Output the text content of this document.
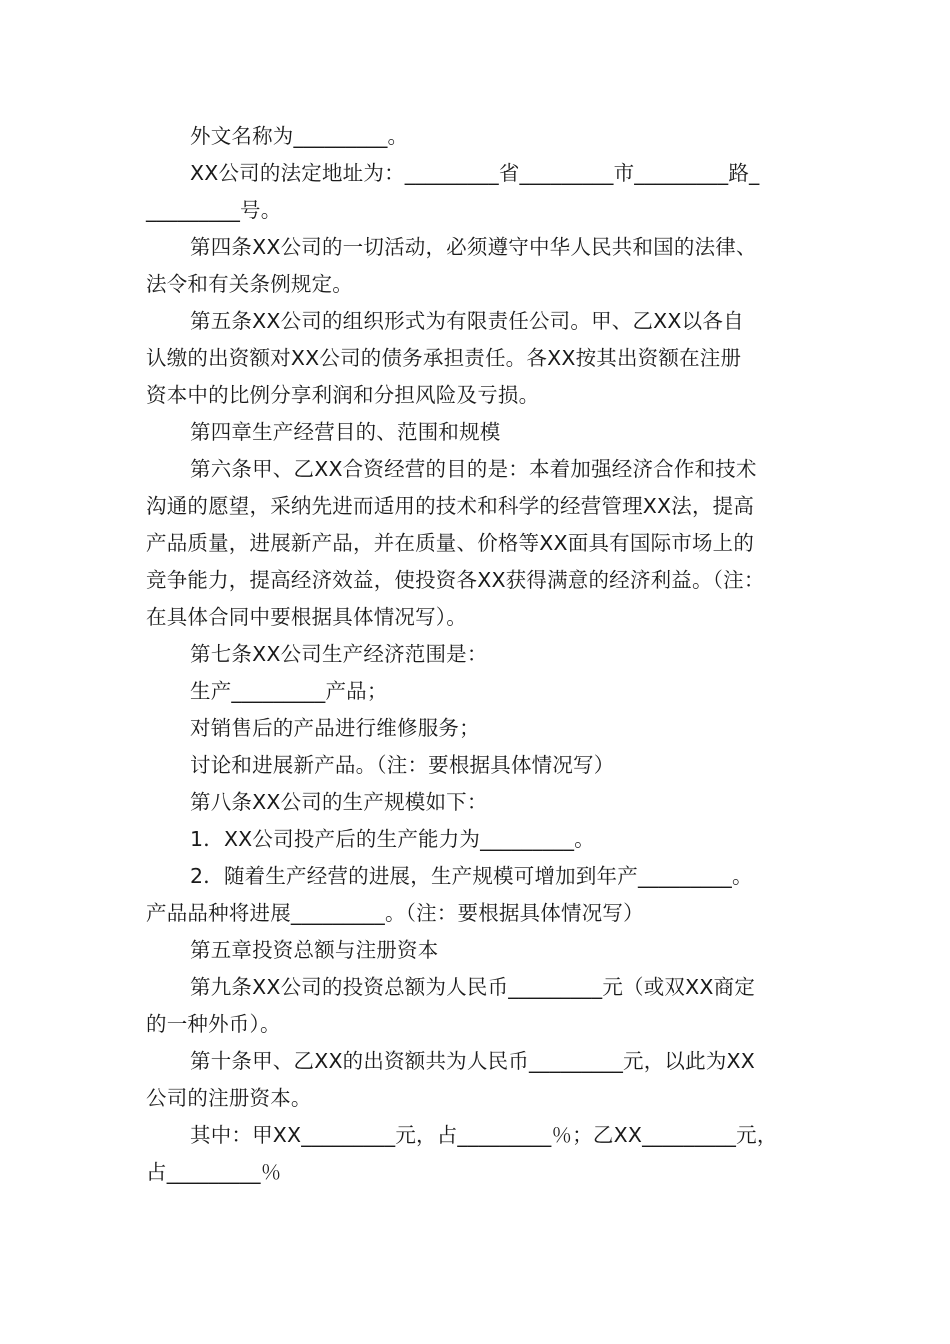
外文名称为_________。
XX公司的法定地址为：_________省_________市_________路_
_________号。
第四条XX公司的一切活动，必须遵守中华人民共和国的法律、
法令和有关条例规定。
第五条XX公司的组织形式为有限责任公司。甲、乙XX以各自
认缴的出资额对XX公司的债务承担责任。各XX按其出资额在注册
资本中的比例分享利润和分担风险及亏损。
第四章生产经营目的、范围和规模
第六条甲、乙XX合资经营的目的是：本着加强经济合作和技术
沟通的愿望，采纳先进而适用的技术和科学的经营管理XX法，提高
产品质量，进展新产品，并在质量、价格等XX面具有国际市场上的
竞争能力，提高经济效益，使投资各XX获得满意的经济利益。（注：
在具体合同中要根据具体情况写）。
第七条XX公司生产经济范围是：
生产_________产品；
对销售后的产品进行维修服务；
讨论和进展新产品。（注：要根据具体情况写）
第八条XX公司的生产规模如下：
1．XX公司投产后的生产能力为_________。
2．随着生产经营的进展，生产规模可增加到年产_________。
产品品种将进展_________。（注：要根据具体情况写）
第五章投资总额与注册资本
第九条XX公司的投资总额为人民币_________元（或双XX商定
的一种外币）。
第十条甲、乙XX的出资额共为人民币_________元，以此为XX
公司的注册资本。
其中：甲XX_________元，占_________％；乙XX_________元，
占_________％
